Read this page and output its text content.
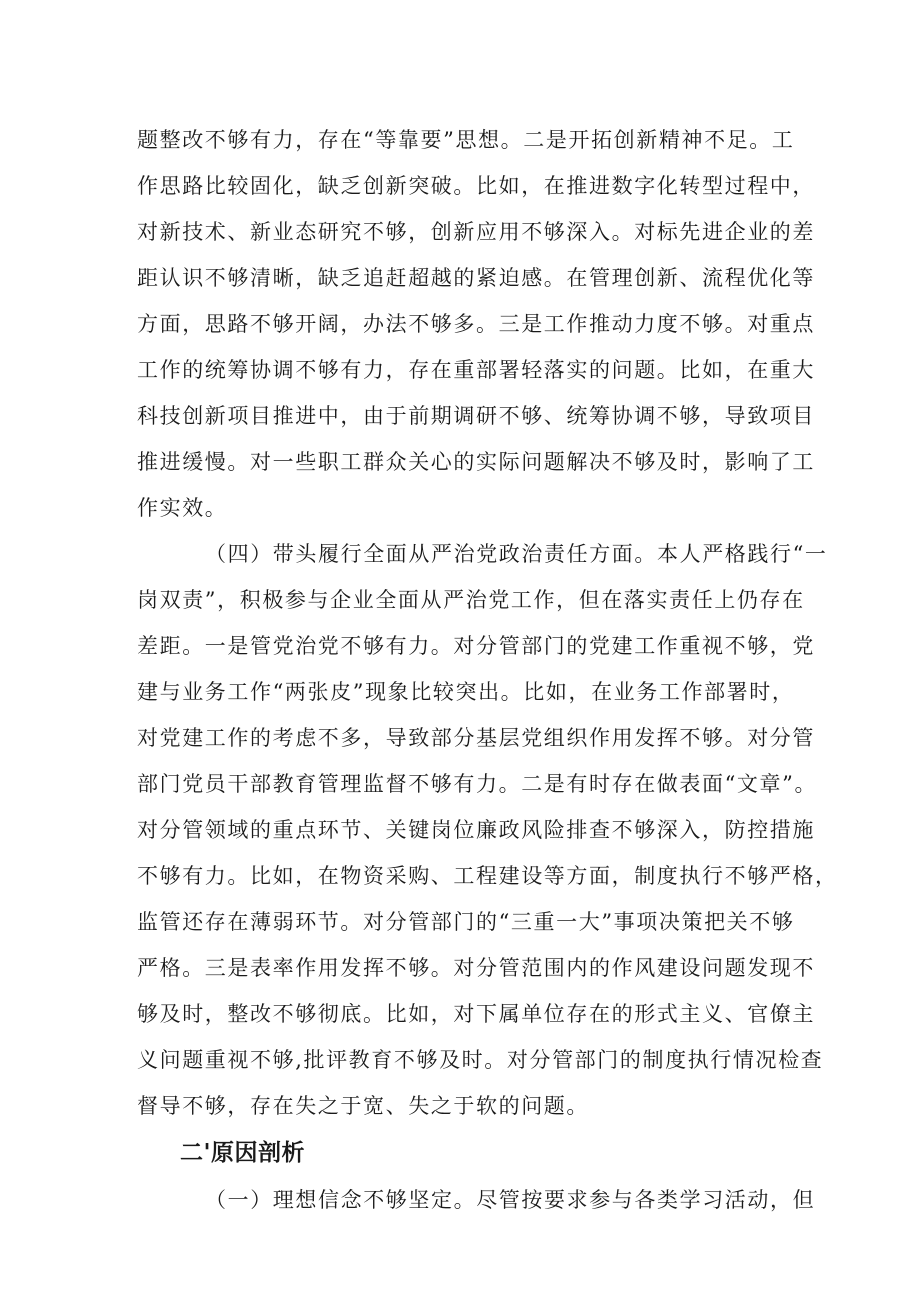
题整改不够有力，存在“等靠要”思想。二是开拓创新精神不足。工
作思路比较固化，缺乏创新突破。比如，在推进数字化转型过程中，
对新技术、新业态研究不够，创新应用不够深入。对标先进企业的差
距认识不够清晰，缺乏追赶超越的紧迫感。在管理创新、流程优化等
方面，思路不够开阔，办法不够多。三是工作推动力度不够。对重点
工作的统筹协调不够有力，存在重部署轻落实的问题。比如，在重大
科技创新项目推进中，由于前期调研不够、统筹协调不够，导致项目
推进缓慢。对一些职工群众关心的实际问题解决不够及时，影响了工
作实效。
（四）带头履行全面从严治党政治责任方面。本人严格践行“一
岗双责”，积极参与企业全面从严治党工作，但在落实责任上仍存在
差距。一是管党治党不够有力。对分管部门的党建工作重视不够，党
建与业务工作“两张皮”现象比较突出。比如，在业务工作部署时，
对党建工作的考虑不多，导致部分基层党组织作用发挥不够。对分管
部门党员干部教育管理监督不够有力。二是有时存在做表面“文章”。
对分管领域的重点环节、关键岗位廉政风险排查不够深入，防控措施
不够有力。比如，在物资采购、工程建设等方面，制度执行不够严格，
监管还存在薄弱环节。对分管部门的“三重一大”事项决策把关不够
严格。三是表率作用发挥不够。对分管范围内的作风建设问题发现不
够及时，整改不够彻底。比如，对下属单位存在的形式主义、官僚主
义问题重视不够,批评教育不够及时。对分管部门的制度执行情况检查
督导不够，存在失之于宽、失之于软的问题。
二'原因剖析
（一）理想信念不够坚定。尽管按要求参与各类学习活动，但
